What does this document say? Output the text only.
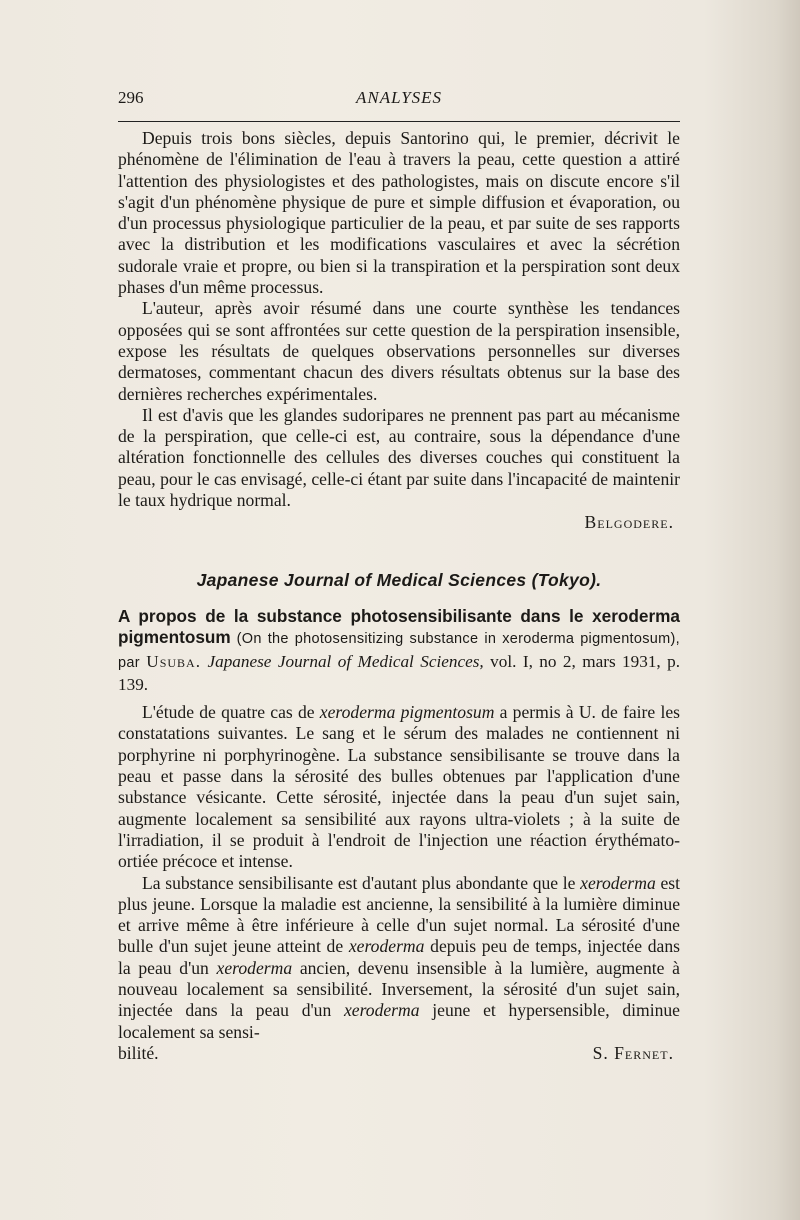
296	ANALYSES

Depuis trois bons siècles, depuis Santorino qui, le premier, décrivit le phénomène de l'élimination de l'eau à travers la peau, cette question a attiré l'attention des physiologistes et des pathologistes, mais on discute encore s'il s'agit d'un phénomène physique de pure et simple diffusion et évaporation, ou d'un processus physiologique particulier de la peau, et par suite de ses rapports avec la distribution et les modifications vasculaires et avec la sécrétion sudorale vraie et propre, ou bien si la transpiration et la perspiration sont deux phases d'un même processus.

L'auteur, après avoir résumé dans une courte synthèse les tendances opposées qui se sont affrontées sur cette question de la perspiration insensible, expose les résultats de quelques observations personnelles sur diverses dermatoses, commentant chacun des divers résultats obtenus sur la base des dernières recherches expérimentales.

Il est d'avis que les glandes sudoripares ne prennent pas part au mécanisme de la perspiration, que celle-ci est, au contraire, sous la dépendance d'une altération fonctionnelle des cellules des diverses couches qui constituent la peau, pour le cas envisagé, celle-ci étant par suite dans l'incapacité de maintenir le taux hydrique normal.

Belgodere.
Japanese Journal of Medical Sciences (Tokyo).
A propos de la substance photosensibilisante dans le xeroderma pigmentosum (On the photosensitizing substance in xeroderma pigmentosum), par Usuba. Japanese Journal of Medical Sciences, vol. I, no 2, mars 1931, p. 139.

L'étude de quatre cas de xeroderma pigmentosum a permis à U. de faire les constatations suivantes. Le sang et le sérum des malades ne contiennent ni porphyrine ni porphyrinogène. La substance sensibilisante se trouve dans la peau et passe dans la sérosité des bulles obtenues par l'application d'une substance vésicante. Cette sérosité, injectée dans la peau d'un sujet sain, augmente localement sa sensibilité aux rayons ultra-violets ; à la suite de l'irradiation, il se produit à l'endroit de l'injection une réaction érythémato-ortiée précoce et intense.

La substance sensibilisante est d'autant plus abondante que le xeroderma est plus jeune. Lorsque la maladie est ancienne, la sensibilité à la lumière diminue et arrive même à être inférieure à celle d'un sujet normal. La sérosité d'une bulle d'un sujet jeune atteint de xeroderma depuis peu de temps, injectée dans la peau d'un xeroderma ancien, devenu insensible à la lumière, augmente à nouveau localement sa sensibilité. Inversement, la sérosité d'un sujet sain, injectée dans la peau d'un xeroderma jeune et hypersensible, diminue localement sa sensi-

bilité.	S. Fernet.
